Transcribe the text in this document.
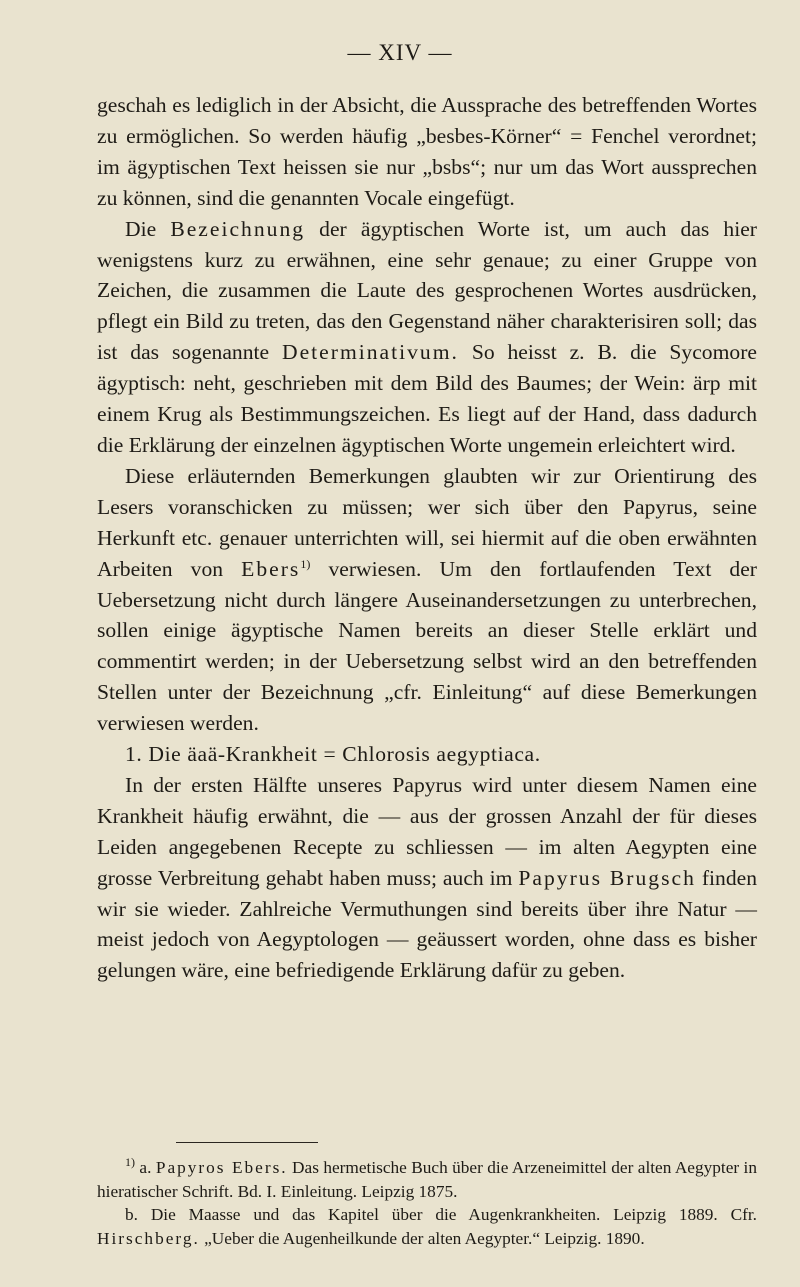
— XIV —

geschah es lediglich in der Absicht, die Aussprache des betreffenden Wortes zu ermöglichen. So werden häufig „besbes-Körner“ = Fenchel verordnet; im ägyptischen Text heissen sie nur „bsbs“; nur um das Wort aussprechen zu können, sind die genannten Vocale eingefügt.

Die Bezeichnung der ägyptischen Worte ist, um auch das hier wenigstens kurz zu erwähnen, eine sehr genaue; zu einer Gruppe von Zeichen, die zusammen die Laute des gesprochenen Wortes ausdrücken, pflegt ein Bild zu treten, das den Gegenstand näher charakterisiren soll; das ist das sogenannte Determinativum. So heisst z. B. die Sycomore ägyptisch: neht, geschrieben mit dem Bild des Baumes; der Wein: ärp mit einem Krug als Bestimmungszeichen. Es liegt auf der Hand, dass dadurch die Erklärung der einzelnen ägyptischen Worte ungemein erleichtert wird.

Diese erläuternden Bemerkungen glaubten wir zur Orientirung des Lesers voranschicken zu müssen; wer sich über den Papyrus, seine Herkunft etc. genauer unterrichten will, sei hiermit auf die oben erwähnten Arbeiten von Ebers$^{1)}$ verwiesen. Um den fortlaufenden Text der Uebersetzung nicht durch längere Auseinandersetzungen zu unterbrechen, sollen einige ägyptische Namen bereits an dieser Stelle erklärt und commentirt werden; in der Uebersetzung selbst wird an den betreffenden Stellen unter der Bezeichnung „cfr. Einleitung“ auf diese Bemerkungen verwiesen werden.

1. Die äaä-Krankheit = Chlorosis aegyptiaca.

In der ersten Hälfte unseres Papyrus wird unter diesem Namen eine Krankheit häufig erwähnt, die — aus der grossen Anzahl der für dieses Leiden angegebenen Recepte zu schliessen — im alten Aegypten eine grosse Verbreitung gehabt haben muss; auch im Papyrus Brugsch finden wir sie wieder. Zahlreiche Vermuthungen sind bereits über ihre Natur — meist jedoch von Aegyptologen — geäussert worden, ohne dass es bisher gelungen wäre, eine befriedigende Erklärung dafür zu geben.

$^{1)}$ a. Papyros Ebers. Das hermetische Buch über die Arzeneimittel der alten Aegypter in hieratischer Schrift. Bd. I. Einleitung. Leipzig 1875.

b. Die Maasse und das Kapitel über die Augenkrankheiten. Leipzig 1889. Cfr. Hirschberg. „Ueber die Augenheilkunde der alten Aegypter.“ Leipzig. 1890.
